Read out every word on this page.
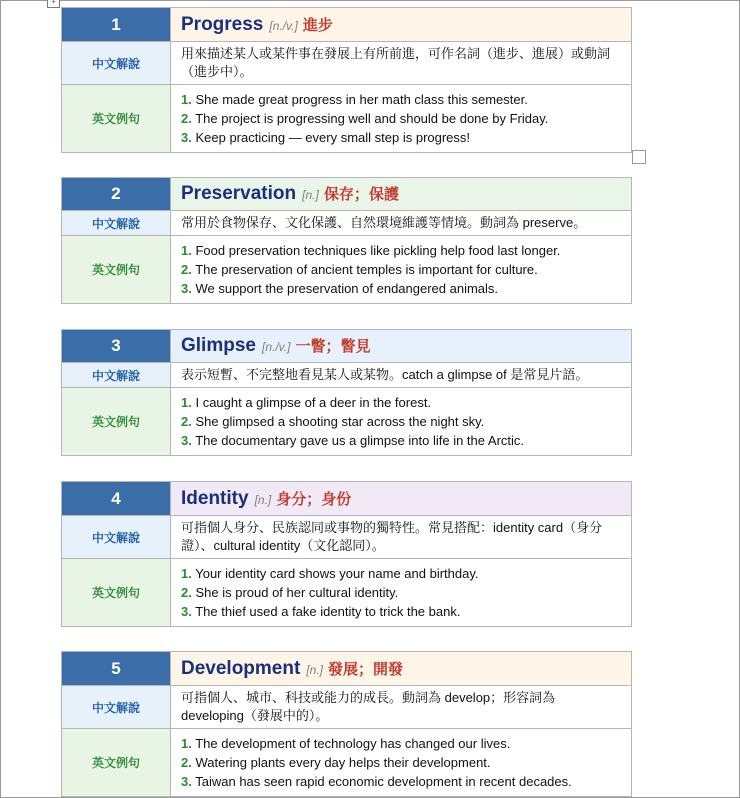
+
1	Progress [n./v.] 進步
中文解說	用來描述某人或某件事在發展上有所前進，可作名詞（進步、進展）或動詞（進步中）。
英文例句	1. She made great progress in her math class this semester.
2. The project is progressing well and should be done by Friday.
3. Keep practicing — every small step is progress!
2	Preservation [n.] 保存；保護
中文解說	常用於食物保存、文化保護、自然環境維護等情境。動詞為 preserve。
英文例句	1. Food preservation techniques like pickling help food last longer.
2. The preservation of ancient temples is important for culture.
3. We support the preservation of endangered animals.
3	Glimpse [n./v.] 一瞥；瞥見
中文解說	表示短暫、不完整地看見某人或某物。catch a glimpse of 是常見片語。
英文例句	1. I caught a glimpse of a deer in the forest.
2. She glimpsed a shooting star across the night sky.
3. The documentary gave us a glimpse into life in the Arctic.
4	Identity [n.] 身分；身份
中文解說	可指個人身分、民族認同或事物的獨特性。常見搭配：identity card（身分證）、cultural identity（文化認同）。
英文例句	1. Your identity card shows your name and birthday.
2. She is proud of her cultural identity.
3. The thief used a fake identity to trick the bank.
5	Development [n.] 發展；開發
中文解說	可指個人、城市、科技或能力的成長。動詞為 develop；形容詞為 developing（發展中的）。
英文例句	1. The development of technology has changed our lives.
2. Watering plants every day helps their development.
3. Taiwan has seen rapid economic development in recent decades.
